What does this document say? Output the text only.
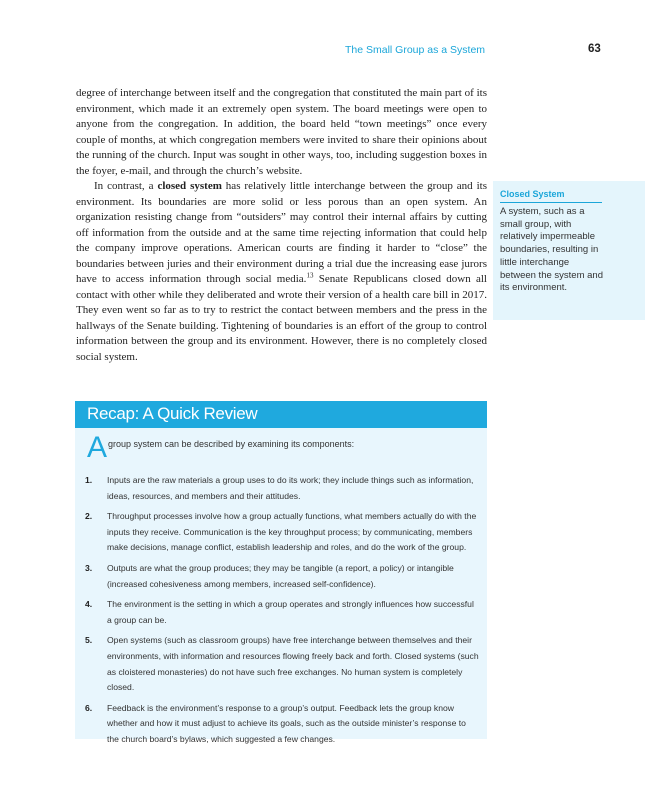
The Small Group as a System	63

degree of interchange between itself and the congregation that constituted the main part of its environment, which made it an extremely open system. The board meetings were open to anyone from the congregation. In addition, the board held “town meetings” once every couple of months, at which congregation members were invited to share their opinions about the running of the church. Input was sought in other ways, too, including suggestion boxes in the foyer, e-mail, and through the church’s website.

In contrast, a closed system has relatively little interchange between the group and its environment. Its boundaries are more solid or less porous than an open system. An organization resisting change from “outsiders” may control their internal affairs by cutting off information from the outside and at the same time rejecting information that could help the company improve operations. American courts are finding it harder to “close” the boundaries between juries and their environment during a trial due the increasing ease jurors have to access information through social media.$^{13}$ Senate Republicans closed down all contact with other while they deliberated and wrote their version of a health care bill in 2017. They even went so far as to try to restrict the contact between members and the press in the hallways of the Senate building. Tightening of boundaries is an effort of the group to control information between the group and its environment. However, there is no completely closed social system.

Closed System
A system, such as a small group, with relatively impermeable boundaries, resulting in little interchange between the system and its environment.
Recap: A Quick Review
A group system can be described by examining its components:
1. Inputs are the raw materials a group uses to do its work; they include things such as information, ideas, resources, and members and their attitudes.
2. Throughput processes involve how a group actually functions, what members actually do with the inputs they receive. Communication is the key throughput process; by communicating, members make decisions, manage conflict, establish leadership and roles, and do the work of the group.
3. Outputs are what the group produces; they may be tangible (a report, a policy) or intangible (increased cohesiveness among members, increased self-confidence).
4. The environment is the setting in which a group operates and strongly influences how successful a group can be.
5. Open systems (such as classroom groups) have free interchange between themselves and their environments, with information and resources flowing freely back and forth. Closed systems (such as cloistered monasteries) do not have such free exchanges. No human system is completely closed.
6. Feedback is the environment’s response to a group’s output. Feedback lets the group know whether and how it must adjust to achieve its goals, such as the outside minister’s response to the church board’s bylaws, which suggested a few changes.
